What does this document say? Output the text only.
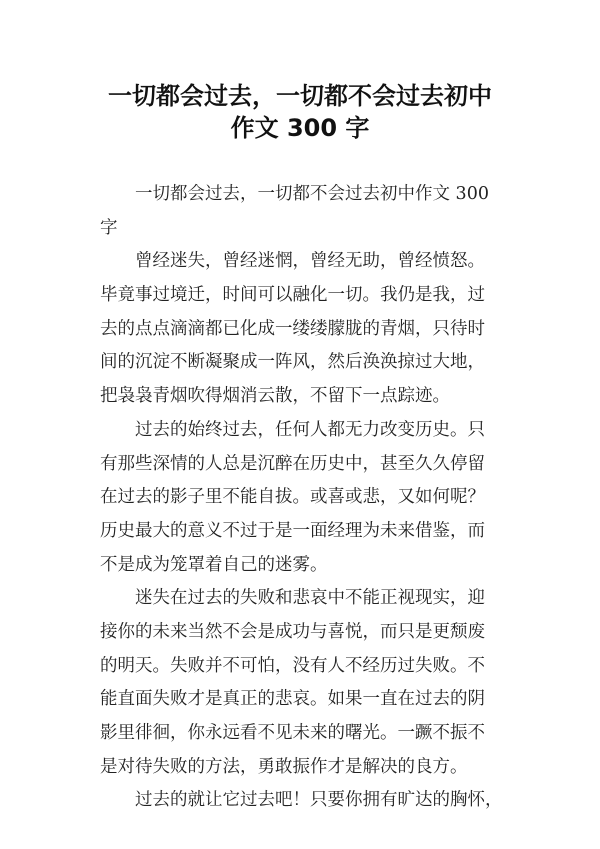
一切都会过去，一切都不会过去初中
作文 300 字
一切都会过去，一切都不会过去初中作文 300
字
曾经迷失，曾经迷惘，曾经无助，曾经愤怒。
毕竟事过境迁，时间可以融化一切。我仍是我，过
去的点点滴滴都已化成一缕缕朦胧的青烟，只待时
间的沉淀不断凝聚成一阵风，然后涣涣掠过大地，
把袅袅青烟吹得烟消云散，不留下一点踪迹。
过去的始终过去，任何人都无力改变历史。只
有那些深情的人总是沉醉在历史中，甚至久久停留
在过去的影子里不能自拔。或喜或悲，又如何呢？
历史最大的意义不过于是一面经理为未来借鉴，而
不是成为笼罩着自己的迷雾。
迷失在过去的失败和悲哀中不能正视现实，迎
接你的未来当然不会是成功与喜悦，而只是更颓废
的明天。失败并不可怕，没有人不经历过失败。不
能直面失败才是真正的悲哀。如果一直在过去的阴
影里徘徊，你永远看不见未来的曙光。一蹶不振不
是对待失败的方法，勇敢振作才是解决的良方。
过去的就让它过去吧！只要你拥有旷达的胸怀，
